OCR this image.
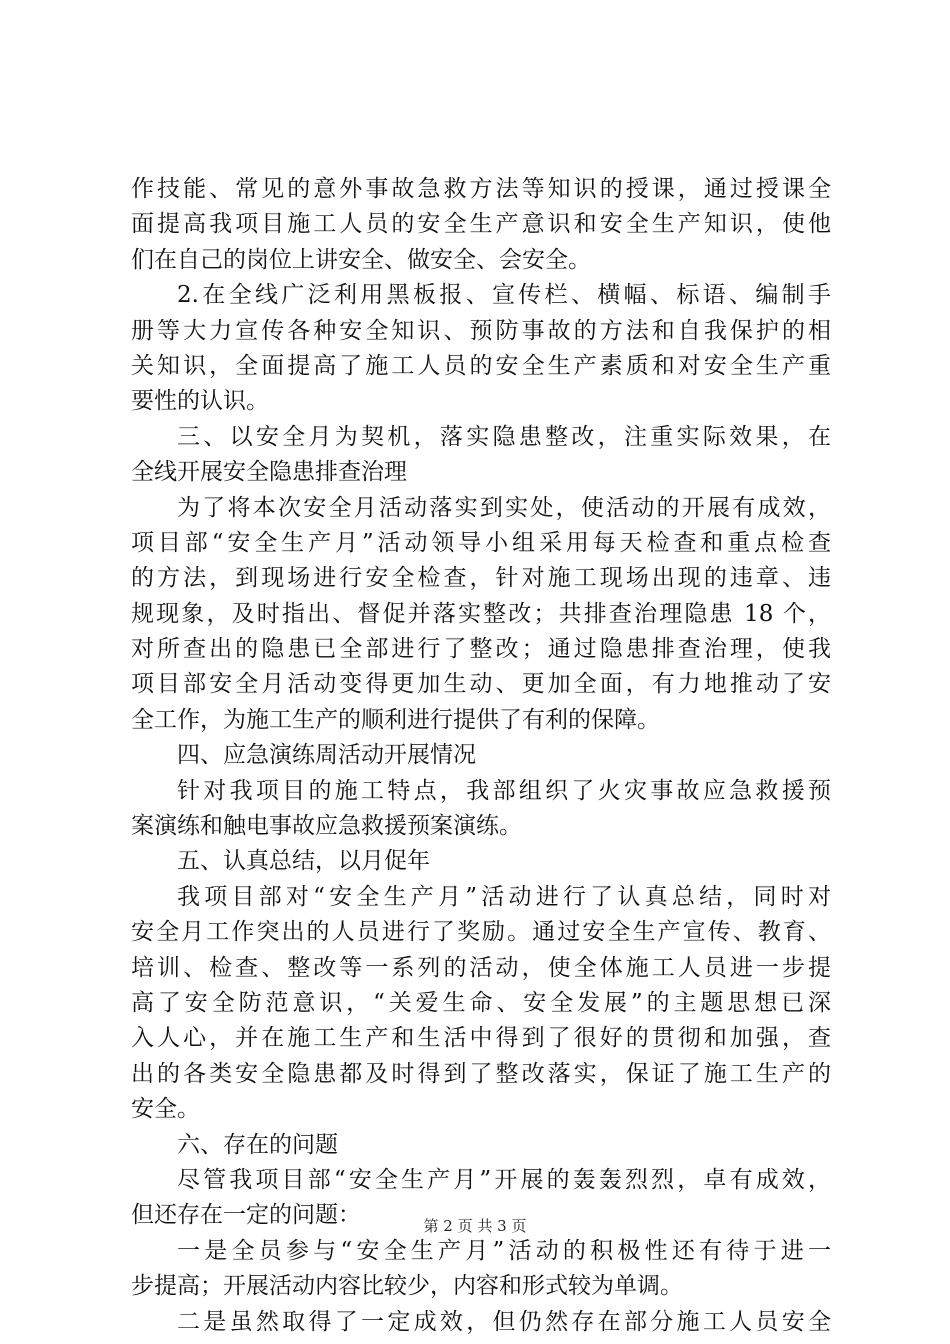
作技能、常见的意外事故急救方法等知识的授课，通过授课全
面提高我项目施工人员的安全生产意识和安全生产知识，使他
们在自己的岗位上讲安全、做安全、会安全。
2.在全线广泛利用黑板报、宣传栏、横幅、标语、编制手
册等大力宣传各种安全知识、预防事故的方法和自我保护的相
关知识，全面提高了施工人员的安全生产素质和对安全生产重
要性的认识。
三、以安全月为契机，落实隐患整改，注重实际效果，在
全线开展安全隐患排查治理
为了将本次安全月活动落实到实处，使活动的开展有成效，
项目部“安全生产月”活动领导小组采用每天检查和重点检查
的方法，到现场进行安全检查，针对施工现场出现的违章、违
规现象，及时指出、督促并落实整改；共排查治理隐患 18 个，
对所查出的隐患已全部进行了整改；通过隐患排查治理，使我
项目部安全月活动变得更加生动、更加全面，有力地推动了安
全工作，为施工生产的顺利进行提供了有利的保障。
四、应急演练周活动开展情况
针对我项目的施工特点，我部组织了火灾事故应急救援预
案演练和触电事故应急救援预案演练。
五、认真总结，以月促年
我项目部对“安全生产月”活动进行了认真总结，同时对
安全月工作突出的人员进行了奖励。通过安全生产宣传、教育、
培训、检查、整改等一系列的活动，使全体施工人员进一步提
高了安全防范意识，“关爱生命、安全发展”的主题思想已深
入人心，并在施工生产和生活中得到了很好的贯彻和加强，查
出的各类安全隐患都及时得到了整改落实，保证了施工生产的
安全。
六、存在的问题
尽管我项目部“安全生产月”开展的轰轰烈烈，卓有成效，
但还存在一定的问题：
一是全员参与“安全生产月”活动的积极性还有待于进一
步提高；开展活动内容比较少，内容和形式较为单调。
二是虽然取得了一定成效，但仍然存在部分施工人员安全
第 2 页 共 3 页
